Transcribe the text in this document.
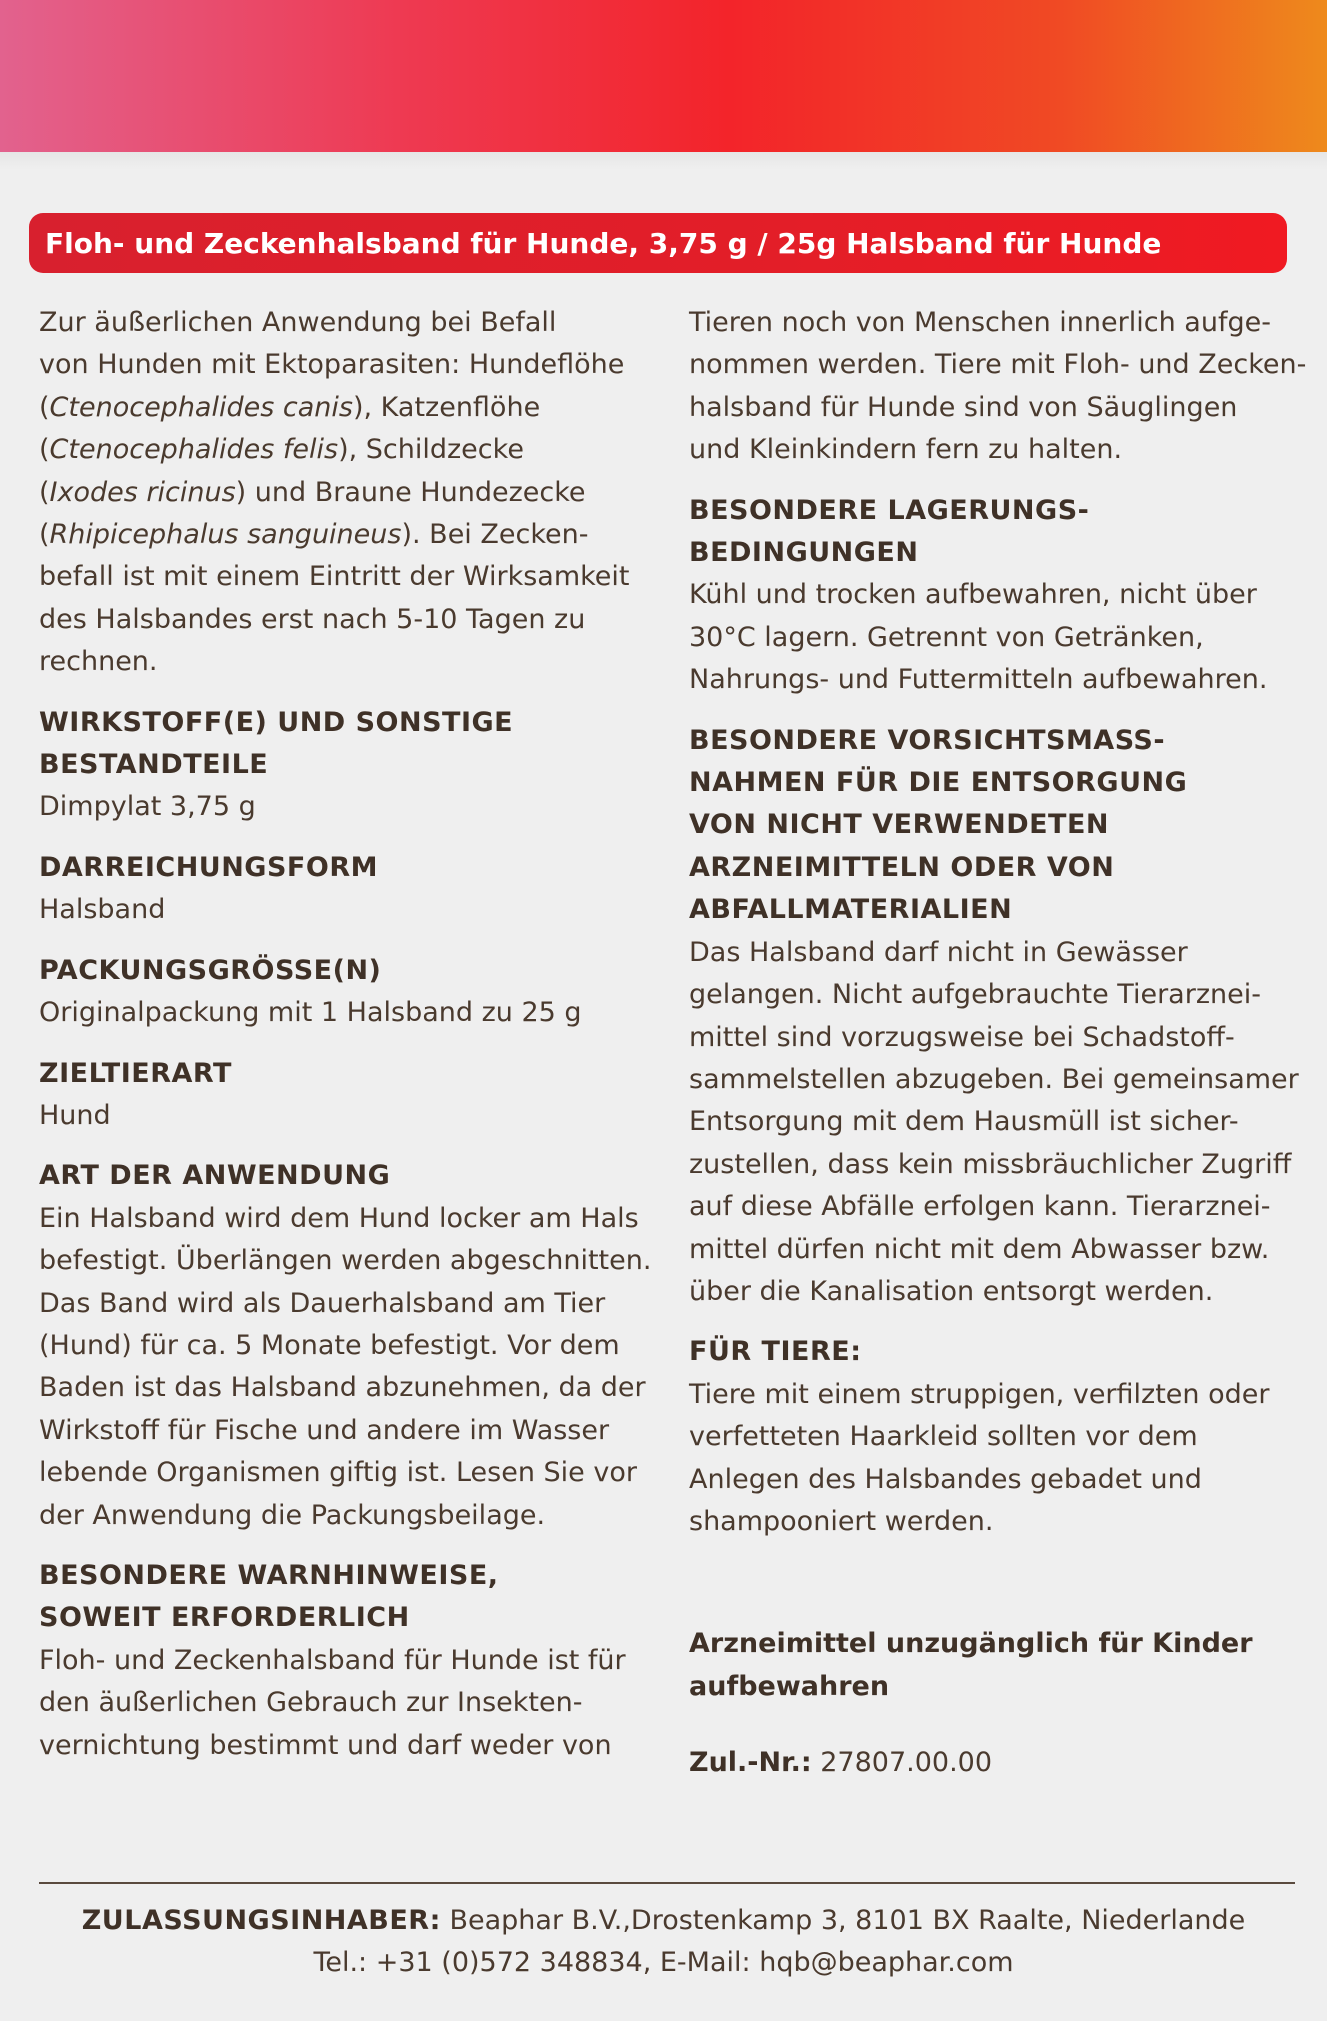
Floh- und Zeckenhalsband für Hunde, 3,75 g / 25g Halsband für Hunde

Zur äußerlichen Anwendung bei Befall
von Hunden mit Ektoparasiten: Hundeflöhe
(Ctenocephalides canis), Katzenflöhe
(Ctenocephalides felis), Schildzecke
(Ixodes ricinus) und Braune Hundezecke
(Rhipicephalus sanguineus). Bei Zecken-
befall ist mit einem Eintritt der Wirksamkeit
des Halsbandes erst nach 5-10 Tagen zu
rechnen.

WIRKSTOFF(E) UND SONSTIGE
BESTANDTEILE

Dimpylat 3,75 g

DARREICHUNGSFORM

Halsband

PACKUNGSGRÖSSE(N)

Originalpackung mit 1 Halsband zu 25 g

ZIELTIERART

Hund

ART DER ANWENDUNG

Ein Halsband wird dem Hund locker am Hals
befestigt. Überlängen werden abgeschnitten.
Das Band wird als Dauerhalsband am Tier
(Hund) für ca. 5 Monate befestigt. Vor dem
Baden ist das Halsband abzunehmen, da der
Wirkstoff für Fische und andere im Wasser
lebende Organismen giftig ist. Lesen Sie vor
der Anwendung die Packungsbeilage.

BESONDERE WARNHINWEISE,
SOWEIT ERFORDERLICH

Floh- und Zeckenhalsband für Hunde ist für
den äußerlichen Gebrauch zur Insekten-
vernichtung bestimmt und darf weder von

Tieren noch von Menschen innerlich aufge-
nommen werden. Tiere mit Floh- und Zecken-
halsband für Hunde sind von Säuglingen
und Kleinkindern fern zu halten.

BESONDERE LAGERUNGS-
BEDINGUNGEN

Kühl und trocken aufbewahren, nicht über
30°C lagern. Getrennt von Getränken,
Nahrungs- und Futtermitteln aufbewahren.

BESONDERE VORSICHTSMASS-
NAHMEN FÜR DIE ENTSORGUNG
VON NICHT VERWENDETEN
ARZNEIMITTELN ODER VON
ABFALLMATERIALIEN

Das Halsband darf nicht in Gewässer
gelangen. Nicht aufgebrauchte Tierarznei-
mittel sind vorzugsweise bei Schadstoff-
sammelstellen abzugeben. Bei gemeinsamer
Entsorgung mit dem Hausmüll ist sicher-
zustellen, dass kein missbräuchlicher Zugriff
auf diese Abfälle erfolgen kann. Tierarznei-
mittel dürfen nicht mit dem Abwasser bzw.
über die Kanalisation entsorgt werden.

FÜR TIERE:

Tiere mit einem struppigen, verfilzten oder
verfetteten Haarkleid sollten vor dem
Anlegen des Halsbandes gebadet und
shampooniert werden.

Arzneimittel unzugänglich für Kinder
aufbewahren
Zul.-Nr.: 27807.00.00
ZULASSUNGSINHABER: Beaphar B.V.,Drostenkamp 3, 8101 BX Raalte, Niederlande
Tel.: +31 (0)572 348834, E-Mail: hqb@beaphar.com
